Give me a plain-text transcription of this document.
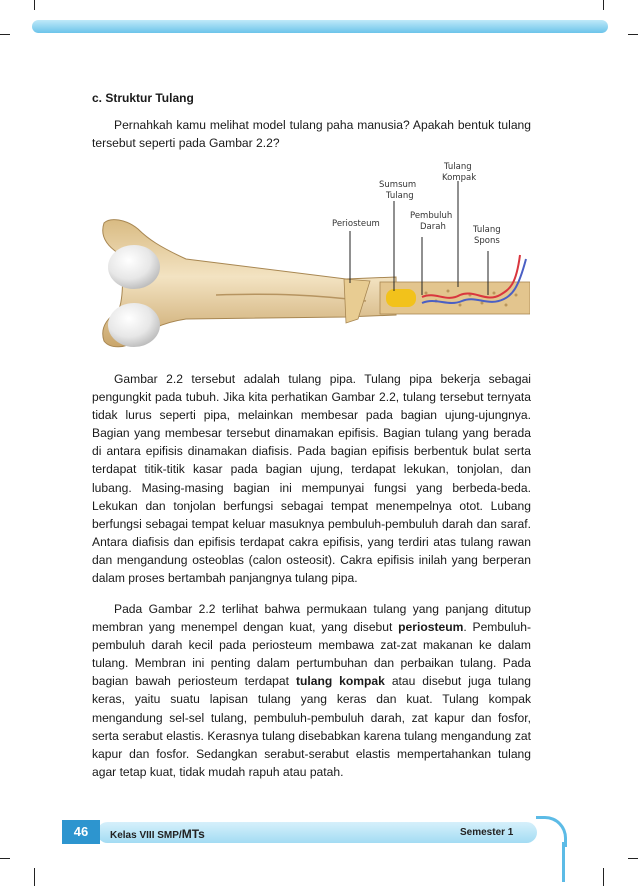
c. Struktur Tulang

Pernahkah kamu melihat model tulang paha manusia? Apakah bentuk tulang tersebut seperti pada Gambar 2.2?

Periosteum
Sumsum
Tulang
Tulang
Kompak
Pembuluh
Darah	Tulang
Spons

Gambar 2.2 tersebut adalah tulang pipa. Tulang pipa bekerja sebagai pengungkit pada tubuh. Jika kita perhatikan Gambar 2.2, tulang tersebut ternyata tidak lurus seperti pipa, melainkan membesar pada bagian ujung-ujungnya. Bagian yang membesar tersebut dinamakan epifisis. Bagian tulang yang berada di antara epifisis dinamakan diafisis. Pada bagian epifisis berbentuk bulat serta terdapat titik-titik kasar pada bagian ujung, terdapat lekukan, tonjolan, dan lubang. Masing-masing bagian ini mempunyai fungsi yang berbeda-beda. Lekukan dan tonjolan berfungsi sebagai tempat menempelnya otot. Lubang berfungsi sebagai tempat keluar masuknya pembuluh-pembuluh darah dan saraf. Antara diafisis dan epifisis terdapat cakra epifisis, yang terdiri atas tulang rawan dan mengandung osteoblas (calon osteosit). Cakra epifisis inilah yang berperan dalam proses bertambah panjangnya tulang pipa.

Pada Gambar 2.2 terlihat bahwa permukaan tulang yang panjang ditutup membran yang menempel dengan kuat, yang disebut periosteum. Pembuluh-pembuluh darah kecil pada periosteum membawa zat-zat makanan ke dalam tulang. Membran ini penting dalam pertumbuhan dan perbaikan tulang. Pada bagian bawah periosteum terdapat tulang kompak atau disebut juga tulang keras, yaitu suatu lapisan tulang yang keras dan kuat. Tulang kompak mengandung sel-sel tulang, pembuluh-pembuluh darah, zat kapur dan fosfor, serta serabut elastis. Kerasnya tulang disebabkan karena tulang mengandung zat kapur dan fosfor. Sedangkan serabut-serabut elastis mempertahankan tulang agar tetap kuat, tidak mudah rapuh atau patah.

46	Kelas VIII SMP/MTs	Semester 1
